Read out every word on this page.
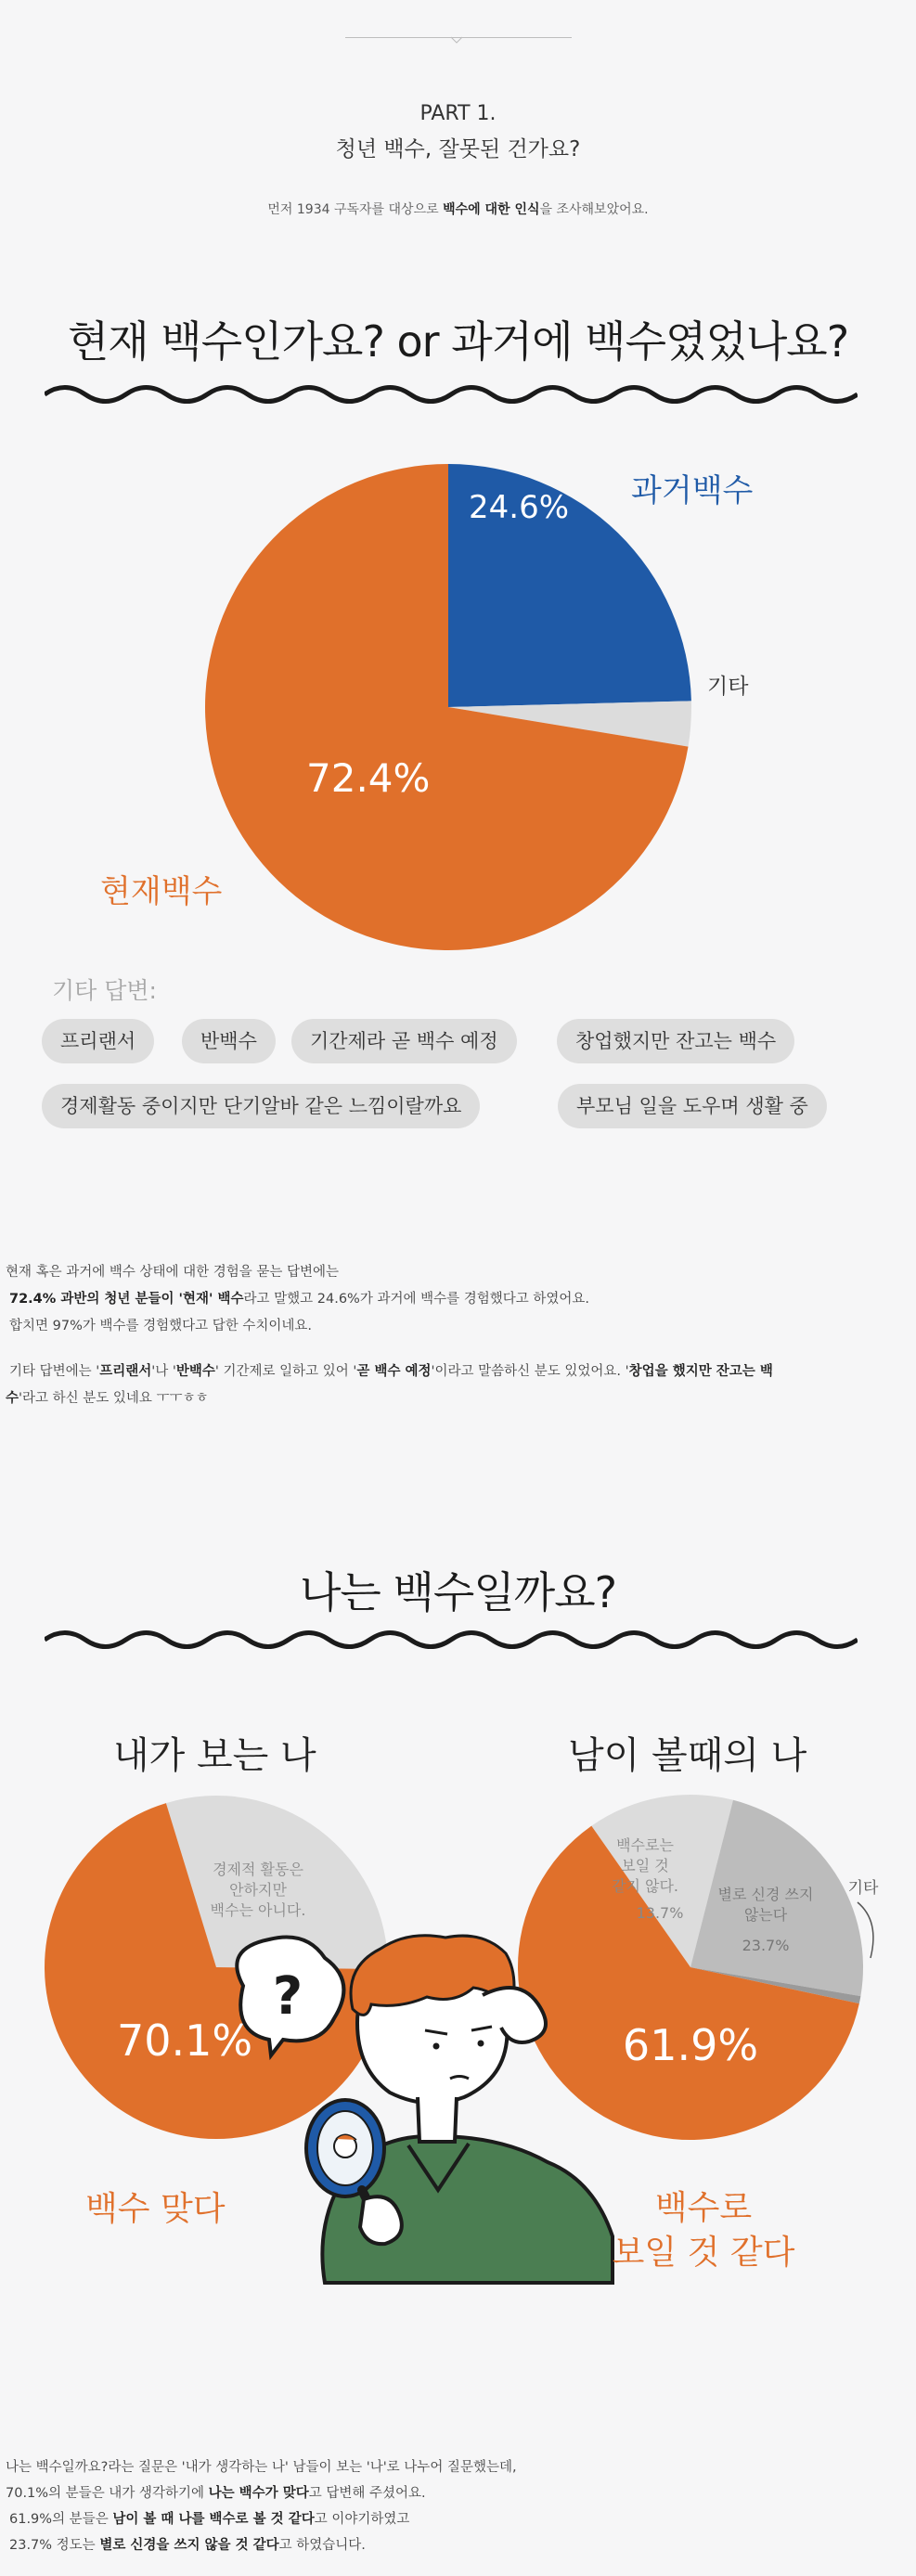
PART 1.
청년 백수, 잘못된 건가요?
먼저 1934 구독자를 대상으로 백수에 대한 인식을 조사해보았어요.
현재 백수인가요? or 과거에 백수였었나요?
24.6%
72.4%
과거백수
기타
현재백수
기타 답변:
프리랜서	반백수	기간제라 곧 백수 예정	창업했지만 잔고는 백수
경제활동 중이지만 단기알바 같은 느낌이랄까요	부모님 일을 도우며 생활 중
현재 혹은 과거에 백수 상태에 대한 경험을 묻는 답변에는
72.4% 과반의 청년 분들이 '현재' 백수라고 말했고 24.6%가 과거에 백수를 경험했다고 하였어요.
합치면 97%가 백수를 경험했다고 답한 수치이네요.
기타 답변에는 '프리랜서'나 '반백수' 기간제로 일하고 있어 '곧 백수 예정'이라고 말씀하신 분도 있었어요. '창업을 했지만 잔고는 백
수'라고 하신 분도 있네요 ㅜㅜㅎㅎ
나는 백수일까요?
내가 보는 나	남이 볼때의 나
경제적 활동은
안하지만
백수는 아니다.
70.1%
백수로는
보일 것
같지 않다.
13.7%
별로 신경 쓰지
않는다
23.7%
기타
61.9%
?
백수 맞다	백수로
보일 것 같다
나는 백수일까요?라는 질문은 '내가 생각하는 나' 남들이 보는 '나'로 나누어 질문했는데,
70.1%의 분들은 내가 생각하기에 나는 백수가 맞다고 답변해 주셨어요.
61.9%의 분들은 남이 볼 때 나를 백수로 볼 것 같다고 이야기하였고
23.7% 정도는 별로 신경을 쓰지 않을 것 같다고 하였습니다.
